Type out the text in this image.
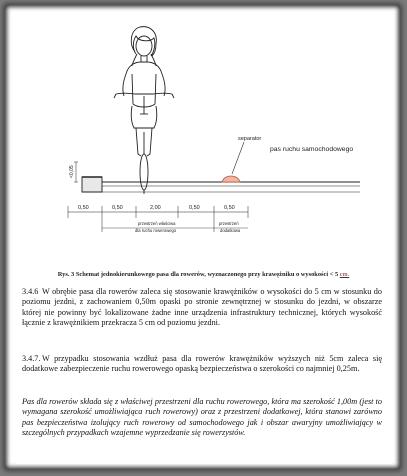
separator
pas ruchu samochodowego
<0,05
0,50	0,50	2,00	0,50	0,50
przestrzeń właściwa
dla ruchu rowerowego
przestrzeń
dodatkowa
Rys. 3 Schemat jednokierunkowego pasa dla rowerów, wyznaczonego przy krawężniku o wysokości < 5 cm.
3.4.6 W obrębie pasa dla rowerów zaleca się stosowanie krawężników o wysokości do 5 cm w stosunku do poziomu jezdni, z zachowaniem 0,50m opaski po stronie zewnętrznej w stosunku do jezdni, w obszarze której nie powinny być lokalizowane żadne inne urządzenia infrastruktury technicznej, których wysokość łącznie z krawężnikiem przekracza 5 cm od poziomu jezdni.
3.4.7. W przypadku stosowania wzdłuż pasa dla rowerów krawężników wyższych niż 5cm zaleca się dodatkowe zabezpieczenie ruchu rowerowego opaską bezpieczeństwa o szerokości co najmniej 0,25m.
Pas dla rowerów składa się z właściwej przestrzeni dla ruchu rowerowego, która ma szerokość 1,00m (jest to wymagana szerokość umożliwiająca ruch rowerowy) oraz z przestrzeni dodatkowej, która stanowi zarówno pas bezpieczeństwa izolujący ruch rowerowy od samochodowego jak i obszar awaryjny umożliwiający w szczególnych przypadkach wzajemne wyprzedzanie się rowerzystów.
